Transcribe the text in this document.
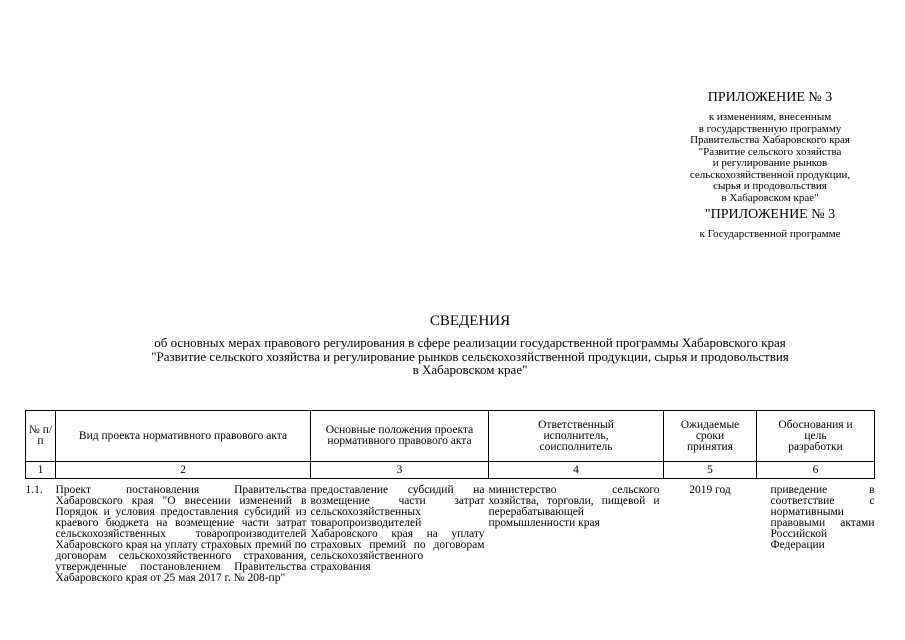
ПРИЛОЖЕНИЕ № 3
к изменениям, внесенным
в государственную программу
Правительства Хабаровского края
"Развитие сельского хозяйства
и регулирование рынков
сельскохозяйственной продукции,
сырья и продовольствия
в Хабаровском крае"
"ПРИЛОЖЕНИЕ № 3
к Государственной программе
СВЕДЕНИЯ
об основных мерах правового регулирования в сфере реализации государственной программы Хабаровского края
"Развитие сельского хозяйства и регулирование рынков сельскохозяйственной продукции, сырья и продовольствия
в Хабаровском крае"
№ п/п	Вид проекта нормативного правового акта	Основные положения проекта нормативного правового акта	Ответственный исполнитель, соисполнитель	Ожидаемые сроки принятия	Обоснования и цель разработки
1	2	3	4	5	6
1.1.	Проект постановления Правительства Хабаровского края "О внесении изменений в Порядок и условия предоставления субсидий из краевого бюджета на возмещение части затрат сельскохозяйственных товаропроизводителей Хабаровского края на уплату страховых премий по договорам сельскохозяйственного страхования, утвержденные постановлением Правительства Хабаровского края от 25 мая 2017 г. № 208-пр"	предоставление субсидий на возмещение части затрат сельскохозяйственных товаропроизводителей Хабаровского края на уплату страховых премий по договорам сельскохозяйственного страхования	министерство сельского хозяйства, торговли, пищевой и перерабатывающей промышленности края	2019 год	приведение в соответствие с нормативными правовыми актами Российской Федерации
